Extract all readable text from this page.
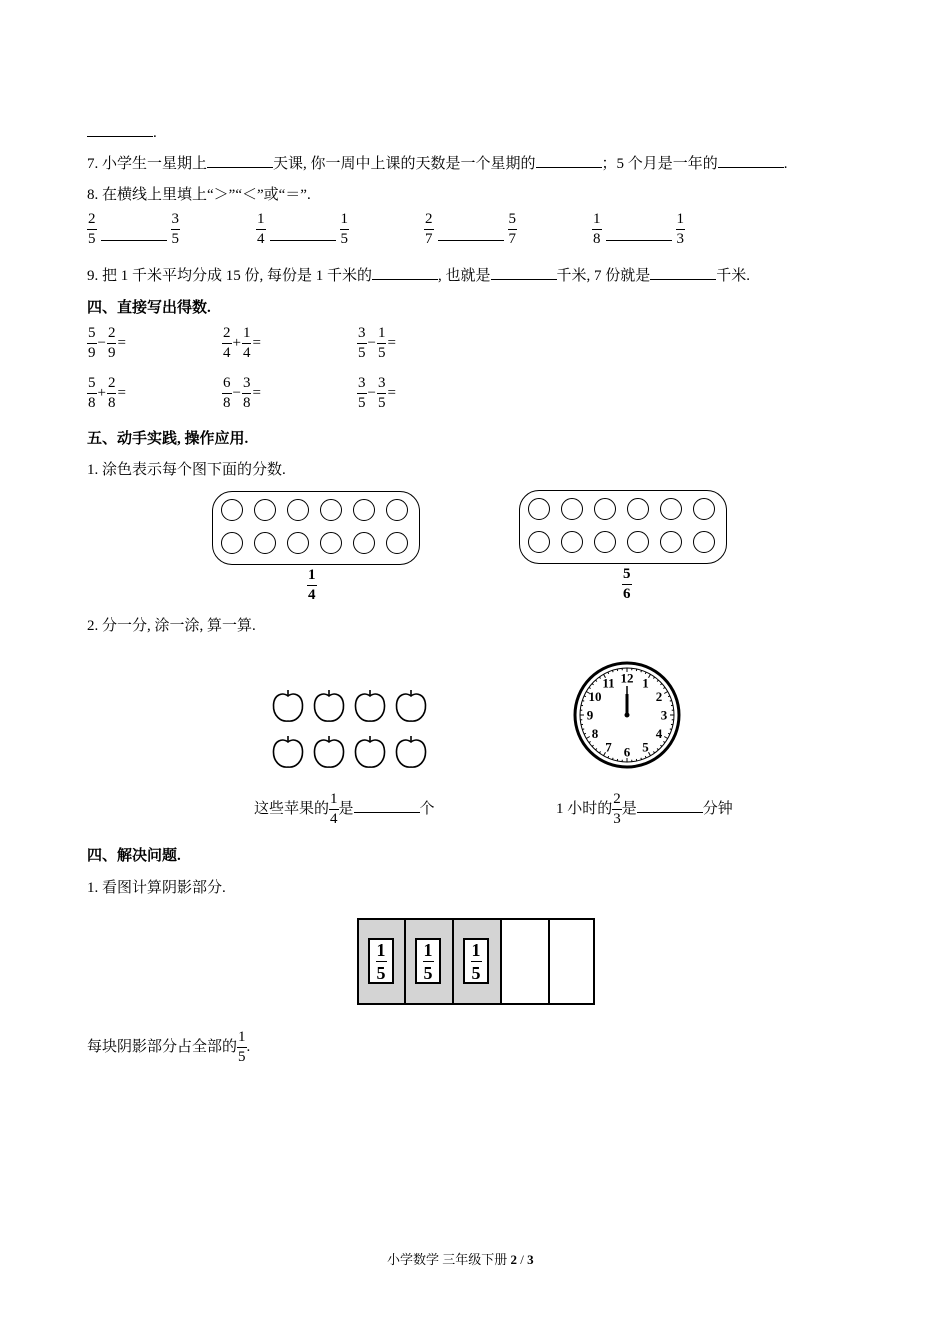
.
7. 小学生一星期上	天课, 你一周中上课的天数是一个星期的	；5 个月是一年的	.
8. 在横线上里填上“＞”“＜”或“＝”.
$\frac{2}{5}$	$\frac{3}{5}$	$\frac{1}{4}$	$\frac{1}{5}$	$\frac{2}{7}$	$\frac{5}{7}$	$\frac{1}{8}$	$\frac{1}{3}$
9. 把 1 千米平均分成 15 份, 每份是 1 千米的	, 也就是	千米, 7 份就是	千米.
四、直接写出得数.
$\frac{5}{9} - \frac{2}{9}$ =	$\frac{2}{4} + \frac{1}{4}$ =	$\frac{3}{5} - \frac{1}{5}$ =
$\frac{5}{8} + \frac{2}{8}$ =	$\frac{6}{8} - \frac{3}{8}$ =	$\frac{3}{5} - \frac{3}{5}$ =
五、动手实践, 操作应用.
1. 涂色表示每个图下面的分数.
$\frac{1}{4}$	$\frac{5}{6}$
2. 分一分, 涂一涂, 算一算.
12 1
2
3
4
5
6
7
8
9
10
11
这些苹果的 $\frac{1}{4}$ 是	个	1 小时的 $\frac{2}{3}$ 是	分钟
四、解决问题.
1. 看图计算阴影部分.
$\frac{1}{5} \frac{1}{5} \frac{1}{5}$
每块阴影部分占全部的 $\frac{1}{5}$ .
小学数学 三年级下册 2 / 3
